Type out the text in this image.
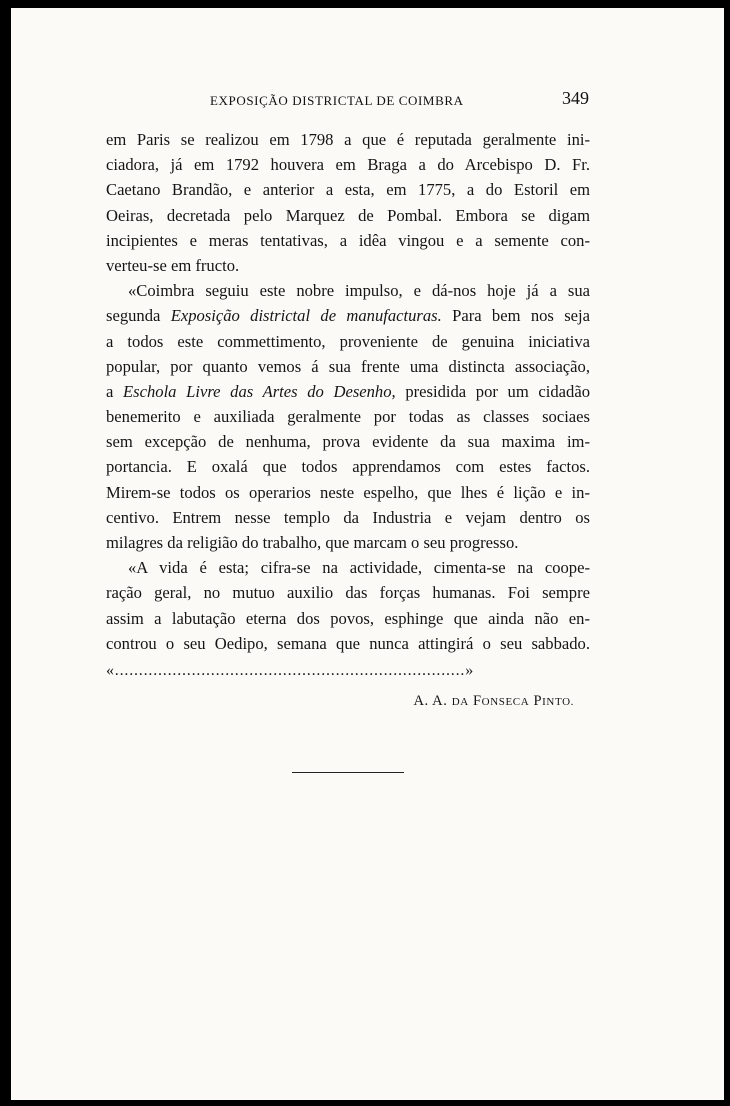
EXPOSIÇÃO DISTRICTAL DE COIMBRA	349
em Paris se realizou em 1798 a que é reputada geralmente ini-
ciadora, já em 1792 houvera em Braga a do Arcebispo D. Fr.
Caetano Brandão, e anterior a esta, em 1775, a do Estoril em
Oeiras, decretada pelo Marquez de Pombal. Embora se digam
incipientes e meras tentativas, a idêa vingou e a semente con-
verteu-se em fructo.
«Coimbra seguiu este nobre impulso, e dá-nos hoje já a sua
segunda Exposição districtal de manufacturas. Para bem nos seja
a todos este commettimento, proveniente de genuina iniciativa
popular, por quanto vemos á sua frente uma distincta associação,
a Eschola Livre das Artes do Desenho, presidida por um cidadão
benemerito e auxiliada geralmente por todas as classes sociaes
sem excepção de nenhuma, prova evidente da sua maxima im-
portancia. E oxalá que todos apprendamos com estes factos.
Mirem-se todos os operarios neste espelho, que lhes é lição e in-
centivo. Entrem nesse templo da Industria e vejam dentro os
milagres da religião do trabalho, que marcam o seu progresso.
«A vida é esta; cifra-se na actividade, cimenta-se na coope-
ração geral, no mutuo auxilio das forças humanas. Foi sempre
assim a labutação eterna dos povos, esphinge que ainda não en-
controu o seu Oedipo, semana que nunca attingirá o seu sabbado.
«.........................................................................»
A. A. DA FONSECA PINTO.
